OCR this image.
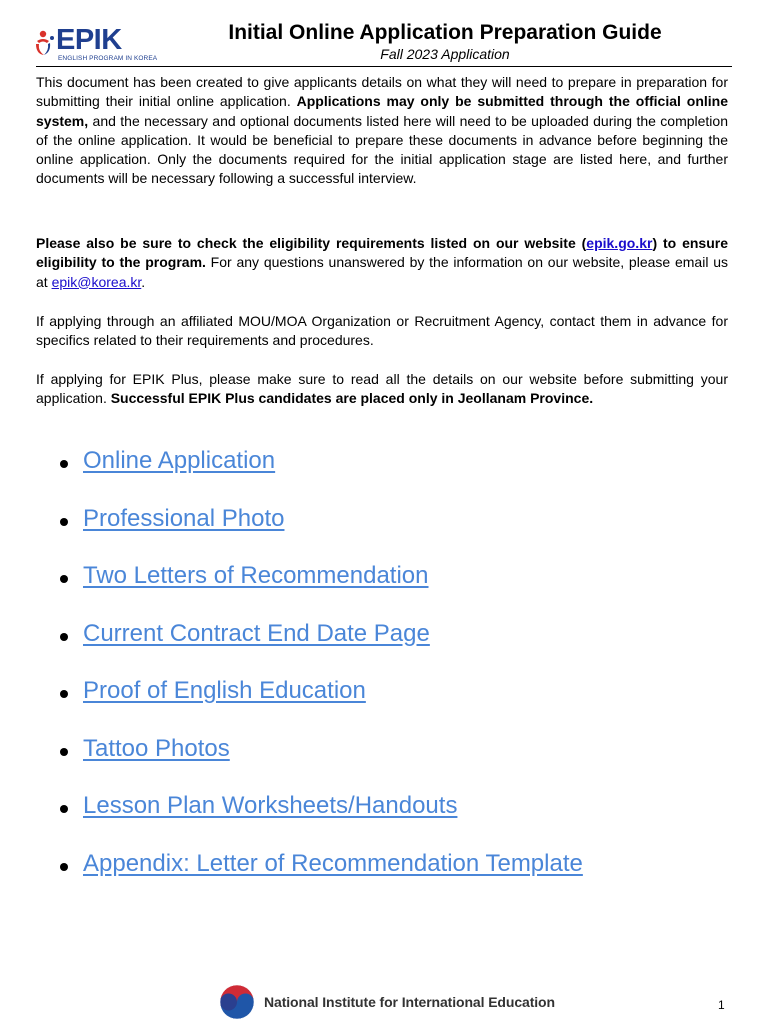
EPIK
ENGLISH PROGRAM IN KOREA
Initial Online Application Preparation Guide
Fall 2023 Application
This document has been created to give applicants details on what they will need to prepare in preparation for submitting their initial online application. Applications may only be submitted through the official online system, and the necessary and optional documents listed here will need to be uploaded during the completion of the online application. It would be beneficial to prepare these documents in advance before beginning the online application. Only the documents required for the initial application stage are listed here, and further documents will be necessary following a successful interview.
Please also be sure to check the eligibility requirements listed on our website (epik.go.kr) to ensure eligibility to the program. For any questions unanswered by the information on our website, please email us at epik@korea.kr.
If applying through an affiliated MOU/MOA Organization or Recruitment Agency, contact them in advance for specifics related to their requirements and procedures.
If applying for EPIK Plus, please make sure to read all the details on our website before submitting your application. Successful EPIK Plus candidates are placed only in Jeollanam Province.
Online Application
Professional Photo
Two Letters of Recommendation
Current Contract End Date Page
Proof of English Education
Tattoo Photos
Lesson Plan Worksheets/Handouts
Appendix: Letter of Recommendation Template
National Institute for International Education	1
